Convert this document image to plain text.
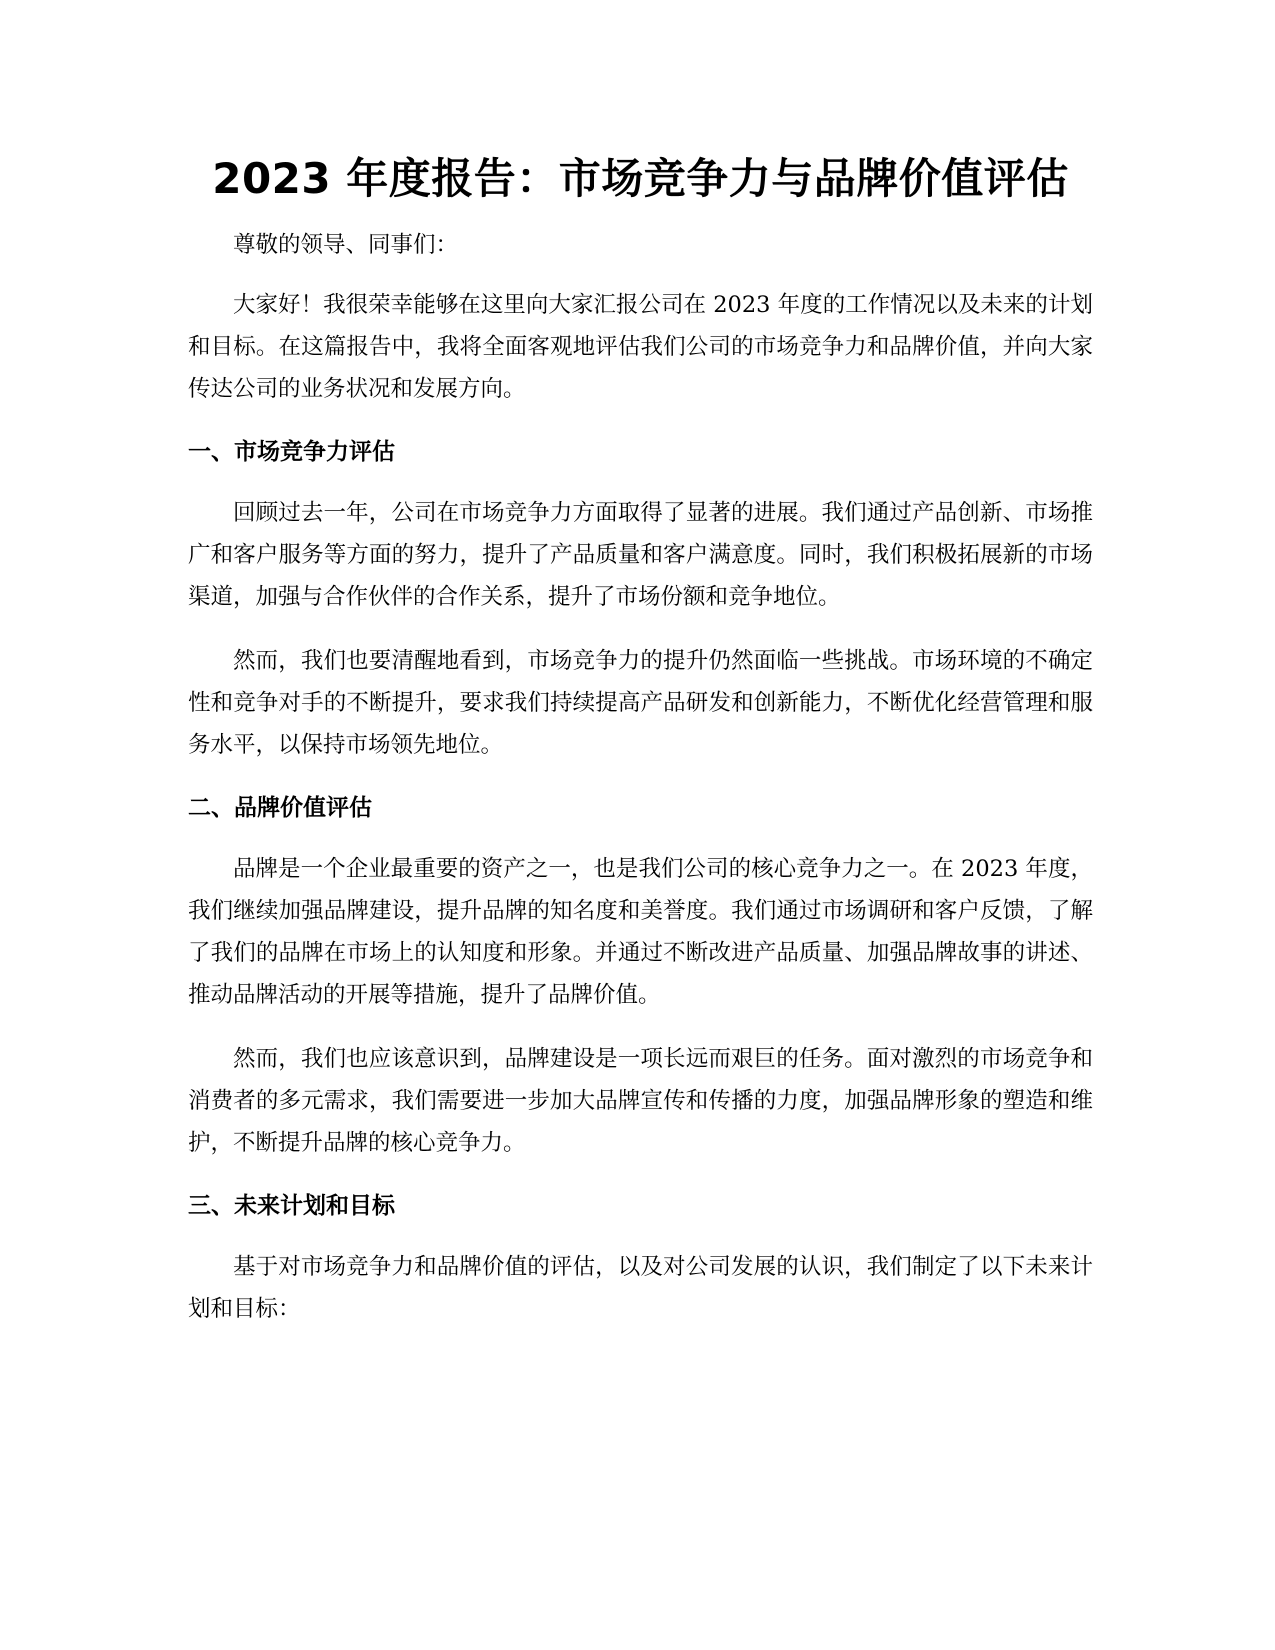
2023 年度报告：市场竞争力与品牌价值评估

尊敬的领导、同事们：

大家好！我很荣幸能够在这里向大家汇报公司在 2023 年度的工作情况以及未来的计划和目标。在这篇报告中，我将全面客观地评估我们公司的市场竞争力和品牌价值，并向大家传达公司的业务状况和发展方向。

一、市场竞争力评估

回顾过去一年，公司在市场竞争力方面取得了显著的进展。我们通过产品创新、市场推广和客户服务等方面的努力，提升了产品质量和客户满意度。同时，我们积极拓展新的市场渠道，加强与合作伙伴的合作关系，提升了市场份额和竞争地位。

然而，我们也要清醒地看到，市场竞争力的提升仍然面临一些挑战。市场环境的不确定性和竞争对手的不断提升，要求我们持续提高产品研发和创新能力，不断优化经营管理和服务水平，以保持市场领先地位。

二、品牌价值评估

品牌是一个企业最重要的资产之一，也是我们公司的核心竞争力之一。在 2023 年度，我们继续加强品牌建设，提升品牌的知名度和美誉度。我们通过市场调研和客户反馈，了解了我们的品牌在市场上的认知度和形象。并通过不断改进产品质量、加强品牌故事的讲述、推动品牌活动的开展等措施，提升了品牌价值。

然而，我们也应该意识到，品牌建设是一项长远而艰巨的任务。面对激烈的市场竞争和消费者的多元需求，我们需要进一步加大品牌宣传和传播的力度，加强品牌形象的塑造和维护，不断提升品牌的核心竞争力。

三、未来计划和目标

基于对市场竞争力和品牌价值的评估，以及对公司发展的认识，我们制定了以下未来计划和目标：
